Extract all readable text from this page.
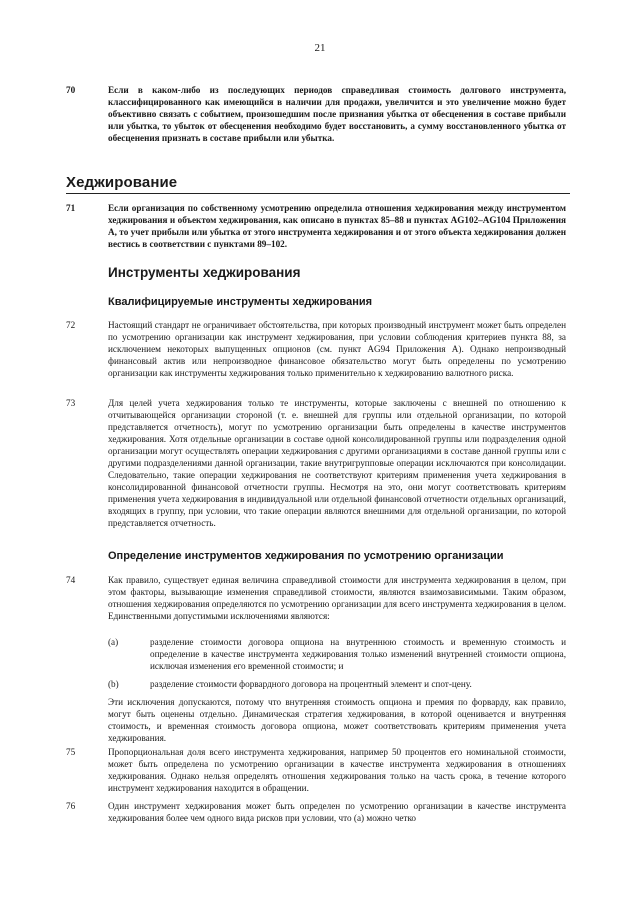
21
70	Если в каком-либо из последующих периодов справедливая стоимость долгового инструмента, классифицированного как имеющийся в наличии для продажи, увеличится и это увеличение можно будет объективно связать с событием, произошедшим после признания убытка от обесценения в составе прибыли или убытка, то убыток от обесценения необходимо будет восстановить, а сумму восстановленного убытка от обесценения признать в составе прибыли или убытка.
Хеджирование
71	Если организация по собственному усмотрению определила отношения хеджирования между инструментом хеджирования и объектом хеджирования, как описано в пунктах 85–88 и пунктах AG102–AG104 Приложения А, то учет прибыли или убытка от этого инструмента хеджирования и от этого объекта хеджирования должен вестись в соответствии с пунктами 89–102.
Инструменты хеджирования
Квалифицируемые инструменты хеджирования
72	Настоящий стандарт не ограничивает обстоятельства, при которых производный инструмент может быть определен по усмотрению организации как инструмент хеджирования, при условии соблюдения критериев пункта 88, за исключением некоторых выпущенных опционов (см. пункт AG94 Приложения А). Однако непроизводный финансовый актив или непроизводное финансовое обязательство могут быть определены по усмотрению организации как инструменты хеджирования только применительно к хеджированию валютного риска.
73	Для целей учета хеджирования только те инструменты, которые заключены с внешней по отношению к отчитывающейся организации стороной (т. е. внешней для группы или отдельной организации, по которой представляется отчетность), могут по усмотрению организации быть определены в качестве инструментов хеджирования. Хотя отдельные организации в составе одной консолидированной группы или подразделения одной организации могут осуществлять операции хеджирования с другими организациями в составе данной группы или с другими подразделениями данной организации, такие внутригрупповые операции исключаются при консолидации. Следовательно, такие операции хеджирования не соответствуют критериям применения учета хеджирования в консолидированной финансовой отчетности группы. Несмотря на это, они могут соответствовать критериям применения учета хеджирования в индивидуальной или отдельной финансовой отчетности отдельных организаций, входящих в группу, при условии, что такие операции являются внешними для отдельной организации, по которой представляется отчетность.
Определение инструментов хеджирования по усмотрению организации
74	Как правило, существует единая величина справедливой стоимости для инструмента хеджирования в целом, при этом факторы, вызывающие изменения справедливой стоимости, являются взаимозависимыми. Таким образом, отношения хеджирования определяются по усмотрению организации для всего инструмента хеджирования в целом. Единственными допустимыми исключениями являются:
(a)	разделение стоимости договора опциона на внутреннюю стоимость и временную стоимость и определение в качестве инструмента хеджирования только изменений внутренней стоимости опциона, исключая изменения его временной стоимости; и
(b)	разделение стоимости форвардного договора на процентный элемент и спот-цену.
Эти исключения допускаются, потому что внутренняя стоимость опциона и премия по форварду, как правило, могут быть оценены отдельно. Динамическая стратегия хеджирования, в которой оценивается и внутренняя стоимость, и временная стоимость договора опциона, может соответствовать критериям применения учета хеджирования.
75	Пропорциональная доля всего инструмента хеджирования, например 50 процентов его номинальной стоимости, может быть определена по усмотрению организации в качестве инструмента хеджирования в отношениях хеджирования. Однако нельзя определять отношения хеджирования только на часть срока, в течение которого инструмент хеджирования находится в обращении.
76	Один инструмент хеджирования может быть определен по усмотрению организации в качестве инструмента хеджирования более чем одного вида рисков при условии, что (а) можно четко
